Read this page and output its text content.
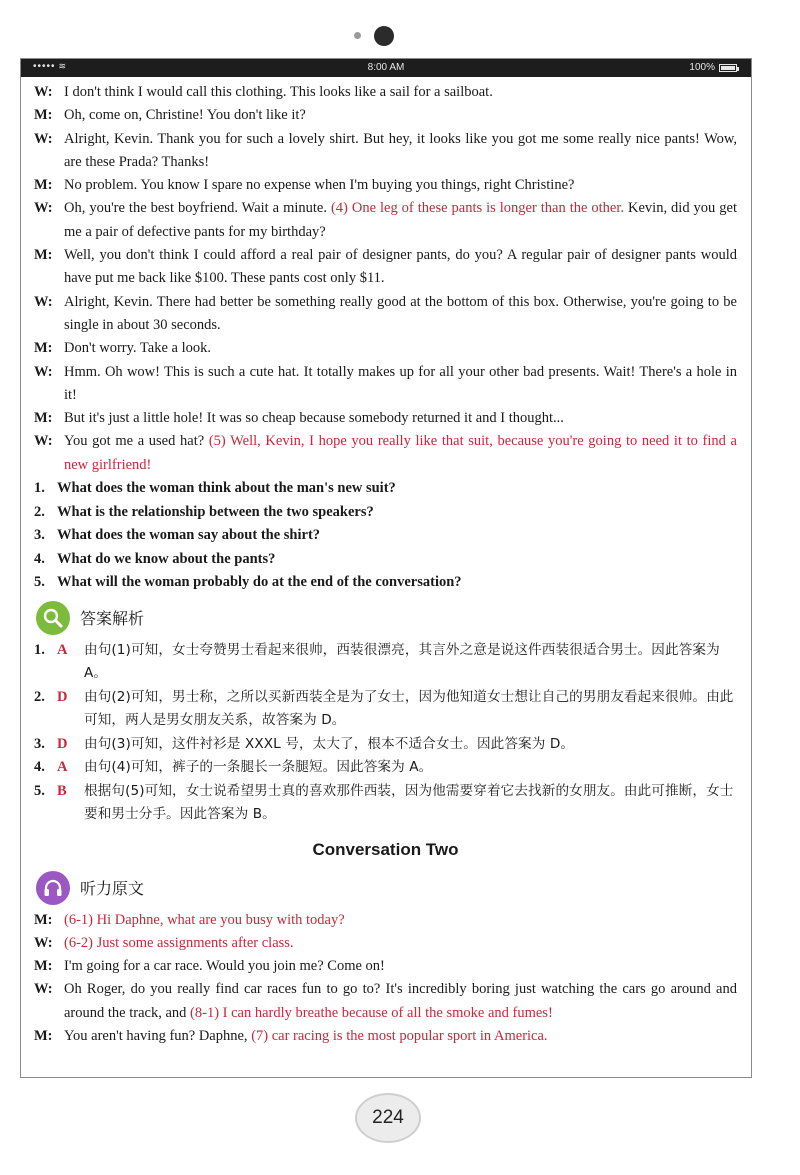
••••• ≋	8:00 AM	100%
W: I don't think I would call this clothing. This looks like a sail for a sailboat.
M: Oh, come on, Christine! You don't like it?
W: Alright, Kevin. Thank you for such a lovely shirt. But hey, it looks like you got me some really nice pants! Wow, are these Prada? Thanks!
M: No problem. You know I spare no expense when I'm buying you things, right Christine?
W: Oh, you're the best boyfriend. Wait a minute. (4) One leg of these pants is longer than the other. Kevin, did you get me a pair of defective pants for my birthday?
M: Well, you don't think I could afford a real pair of designer pants, do you? A regular pair of designer pants would have put me back like $100. These pants cost only $11.
W: Alright, Kevin. There had better be something really good at the bottom of this box. Otherwise, you're going to be single in about 30 seconds.
M: Don't worry. Take a look.
W: Hmm. Oh wow! This is such a cute hat. It totally makes up for all your other bad presents. Wait! There's a hole in it!
M: But it's just a little hole! It was so cheap because somebody returned it and I thought...
W: You got me a used hat? (5) Well, Kevin, I hope you really like that suit, because you're going to need it to find a new girlfriend!
1. What does the woman think about the man's new suit?
2. What is the relationship between the two speakers?
3. What does the woman say about the shirt?
4. What do we know about the pants?
5. What will the woman probably do at the end of the conversation?
答案解析
1. A	由句(1)可知，女士夸赞男士看起来很帅，西装很漂亮，其言外之意是说这件西装很适合男士。因此答案为 A。
2. D	由句(2)可知，男士称，之所以买新西装全是为了女士，因为他知道女士想让自己的男朋友看起来很帅。由此可知，两人是男女朋友关系，故答案为 D。
3. D	由句(3)可知，这件衬衫是 XXXL 号，太大了，根本不适合女士。因此答案为 D。
4. A	由句(4)可知，裤子的一条腿长一条腿短。因此答案为 A。
5. B	根据句(5)可知，女士说希望男士真的喜欢那件西装，因为他需要穿着它去找新的女朋友。由此可推断，女士要和男士分手。因此答案为 B。
Conversation Two
听力原文
M: (6-1) Hi Daphne, what are you busy with today?
W: (6-2) Just some assignments after class.
M: I'm going for a car race. Would you join me? Come on!
W: Oh Roger, do you really find car races fun to go to? It's incredibly boring just watching the cars go around and around the track, and (8-1) I can hardly breathe because of all the smoke and fumes!
M: You aren't having fun? Daphne, (7) car racing is the most popular sport in America.
224
